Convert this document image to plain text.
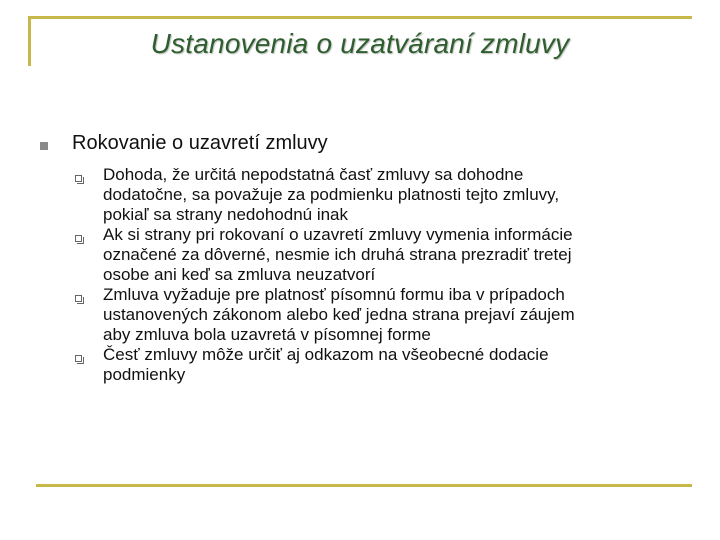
Ustanovenia o uzatváraní zmluvy
Rokovanie o uzavretí zmluvy
Dohoda, že určitá nepodstatná časť zmluvy sa dohodne
dodatočne, sa považuje za podmienku platnosti tejto zmluvy,
pokiaľ sa strany nedohodnú inak
Ak si strany pri rokovaní o uzavretí zmluvy vymenia informácie
označené za dôverné, nesmie ich druhá strana prezradiť tretej
osobe ani keď sa zmluva neuzatvorí
Zmluva vyžaduje pre platnosť písomnú formu iba v prípadoch
ustanovených zákonom alebo keď jedna strana prejaví záujem
aby zmluva bola uzavretá v písomnej forme
Česť zmluvy môže určiť aj odkazom na všeobecné dodacie
podmienky
